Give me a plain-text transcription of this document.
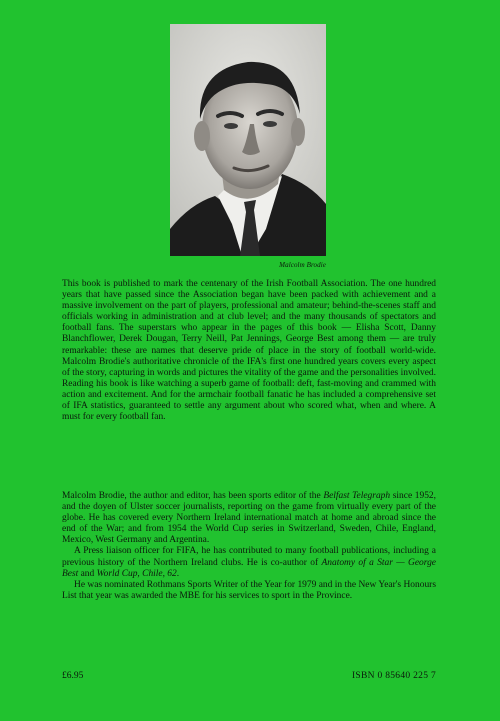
Malcolm Brodie

This book is published to mark the centenary of the Irish Football Association. The one hundred years that have passed since the Association began have been packed with achievement and a massive involvement on the part of players, professional and amateur; behind-the-scenes staff and officials working in administration and at club level; and the many thousands of spectators and football fans. The superstars who appear in the pages of this book — Elisha Scott, Danny Blanchflower, Derek Dougan, Terry Neill, Pat Jennings, George Best among them — are truly remarkable: these are names that deserve pride of place in the story of football world-wide. Malcolm Brodie's authoritative chronicle of the IFA's first one hundred years covers every aspect of the story, capturing in words and pictures the vitality of the game and the personalities involved. Reading his book is like watching a superb game of football: deft, fast-moving and crammed with action and excitement. And for the armchair football fanatic he has included a comprehensive set of IFA statistics, guaranteed to settle any argument about who scored what, when and where. A must for every football fan.

Malcolm Brodie, the author and editor, has been sports editor of the Belfast Telegraph since 1952, and the doyen of Ulster soccer journalists, reporting on the game from virtually every part of the globe. He has covered every Northern Ireland international match at home and abroad since the end of the War; and from 1954 the World Cup series in Switzerland, Sweden, Chile, England, Mexico, West Germany and Argentina.

A Press liaison officer for FIFA, he has contributed to many football publications, including a previous history of the Northern Ireland clubs. He is co-author of Anatomy of a Star — George Best and World Cup, Chile, 62.

He was nominated Rothmans Sports Writer of the Year for 1979 and in the New Year's Honours List that year was awarded the MBE for his services to sport in the Province.

£6.95	ISBN 0 85640 225 7
